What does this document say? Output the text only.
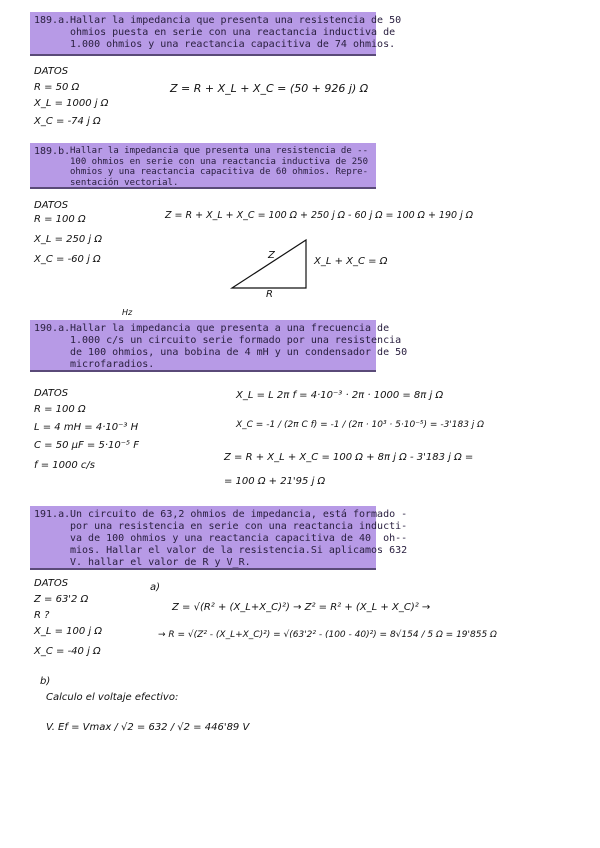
189.a. Hallar la impedancia que presenta una resistencia de 50
ohmios puesta en serie con una reactancia inductiva de
1.000 ohmios y una reactancia capacitiva de 74 ohmios.
DATOS
R = 50 Ω
X_L = 1000 j Ω
X_C = -74 j Ω
Z = R + X_L + X_C = (50 + 926 j) Ω
189.b. Hallar la impedancia que presenta una resistencia de --
100 ohmios en serie con una reactancia inductiva de 250
ohmios y una reactancia capacitiva de 60 ohmios. Repre-
sentación vectorial.
DATOS
R = 100 Ω
X_L = 250 j Ω
X_C = -60 j Ω
Z = R + X_L + X_C = 100 Ω + 250 j Ω - 60 j Ω = 100 Ω + 190 j Ω
Z
X_L + X_C = Ω
R
Hz
190.a. Hallar la impedancia que presenta a una frecuencia de
1.000 c/s un circuito serie formado por una resistencia
de 100 ohmios, una bobina de 4 mH y un condensador de 50
microfaradios.
DATOS
R = 100 Ω
L = 4 mH = 4·10⁻³ H
C = 50 μF = 5·10⁻⁵ F
f = 1000 c/s
X_L = L 2π f = 4·10⁻³ · 2π · 1000 = 8π j Ω
X_C = -1 / (2π C f) = -1 / (2π · 10³ · 5·10⁻⁵) = -3'183 j Ω
Z = R + X_L + X_C = 100 Ω + 8π j Ω - 3'183 j Ω =
= 100 Ω + 21'95 j Ω
191.a. Un circuito de 63,2 ohmios de impedancia, está formado -
por una resistencia en serie con una reactancia inducti-
va de 100 ohmios y una reactancia capacitiva de 40  oh--
mios. Hallar el valor de la resistencia.Si aplicamos 632
V. hallar el valor de R y V_R.
DATOS
Z = 63'2 Ω
R ?
X_L = 100 j Ω
X_C = -40 j Ω
a)
Z = √(R² + (X_L+X_C)²) → Z² = R² + (X_L + X_C)² →
→ R = √(Z² - (X_L+X_C)²) = √(63'2² - (100 - 40)²) = 8√154 / 5 Ω = 19'855 Ω
b)
Calculo el voltaje efectivo:
V. Ef = Vmax / √2 = 632 / √2 = 446'89 V
